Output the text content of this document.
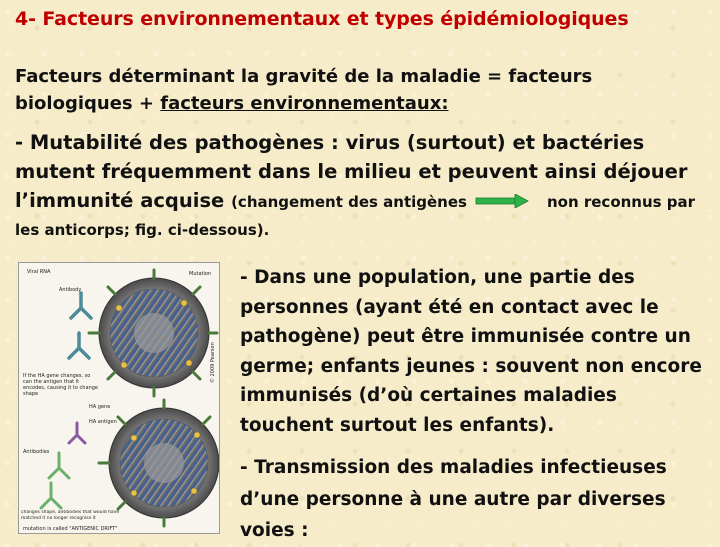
4- Facteurs environnementaux et types épidémiologiques
Facteurs déterminant la gravité de la maladie = facteurs biologiques + facteurs environnementaux:
- Mutabilité des pathogènes : virus (surtout) et bactéries mutent fréquemment dans le milieu et peuvent ainsi déjouer l’immunité acquise (changement des antigènes	non reconnus par
les anticorps; fig. ci-dessous).
Viral RNA
Antibody
Mutation
HA gene
HA antigen
If the HA gene changes, so can the antigen that it encodes, causing it to change shape
Antibodies
changes shape, antibodies that would have matched it no longer recognise it
mutation is called "ANTIGENIC DRIFT"
© 2009 Pearson
- Dans une population, une partie des personnes (ayant été en contact avec le pathogène) peut être immunisée contre un germe; enfants jeunes : souvent non encore immunisés (d’où certaines maladies touchent surtout les enfants).
- Transmission des maladies infectieuses d’une personne à une autre par diverses voies :
